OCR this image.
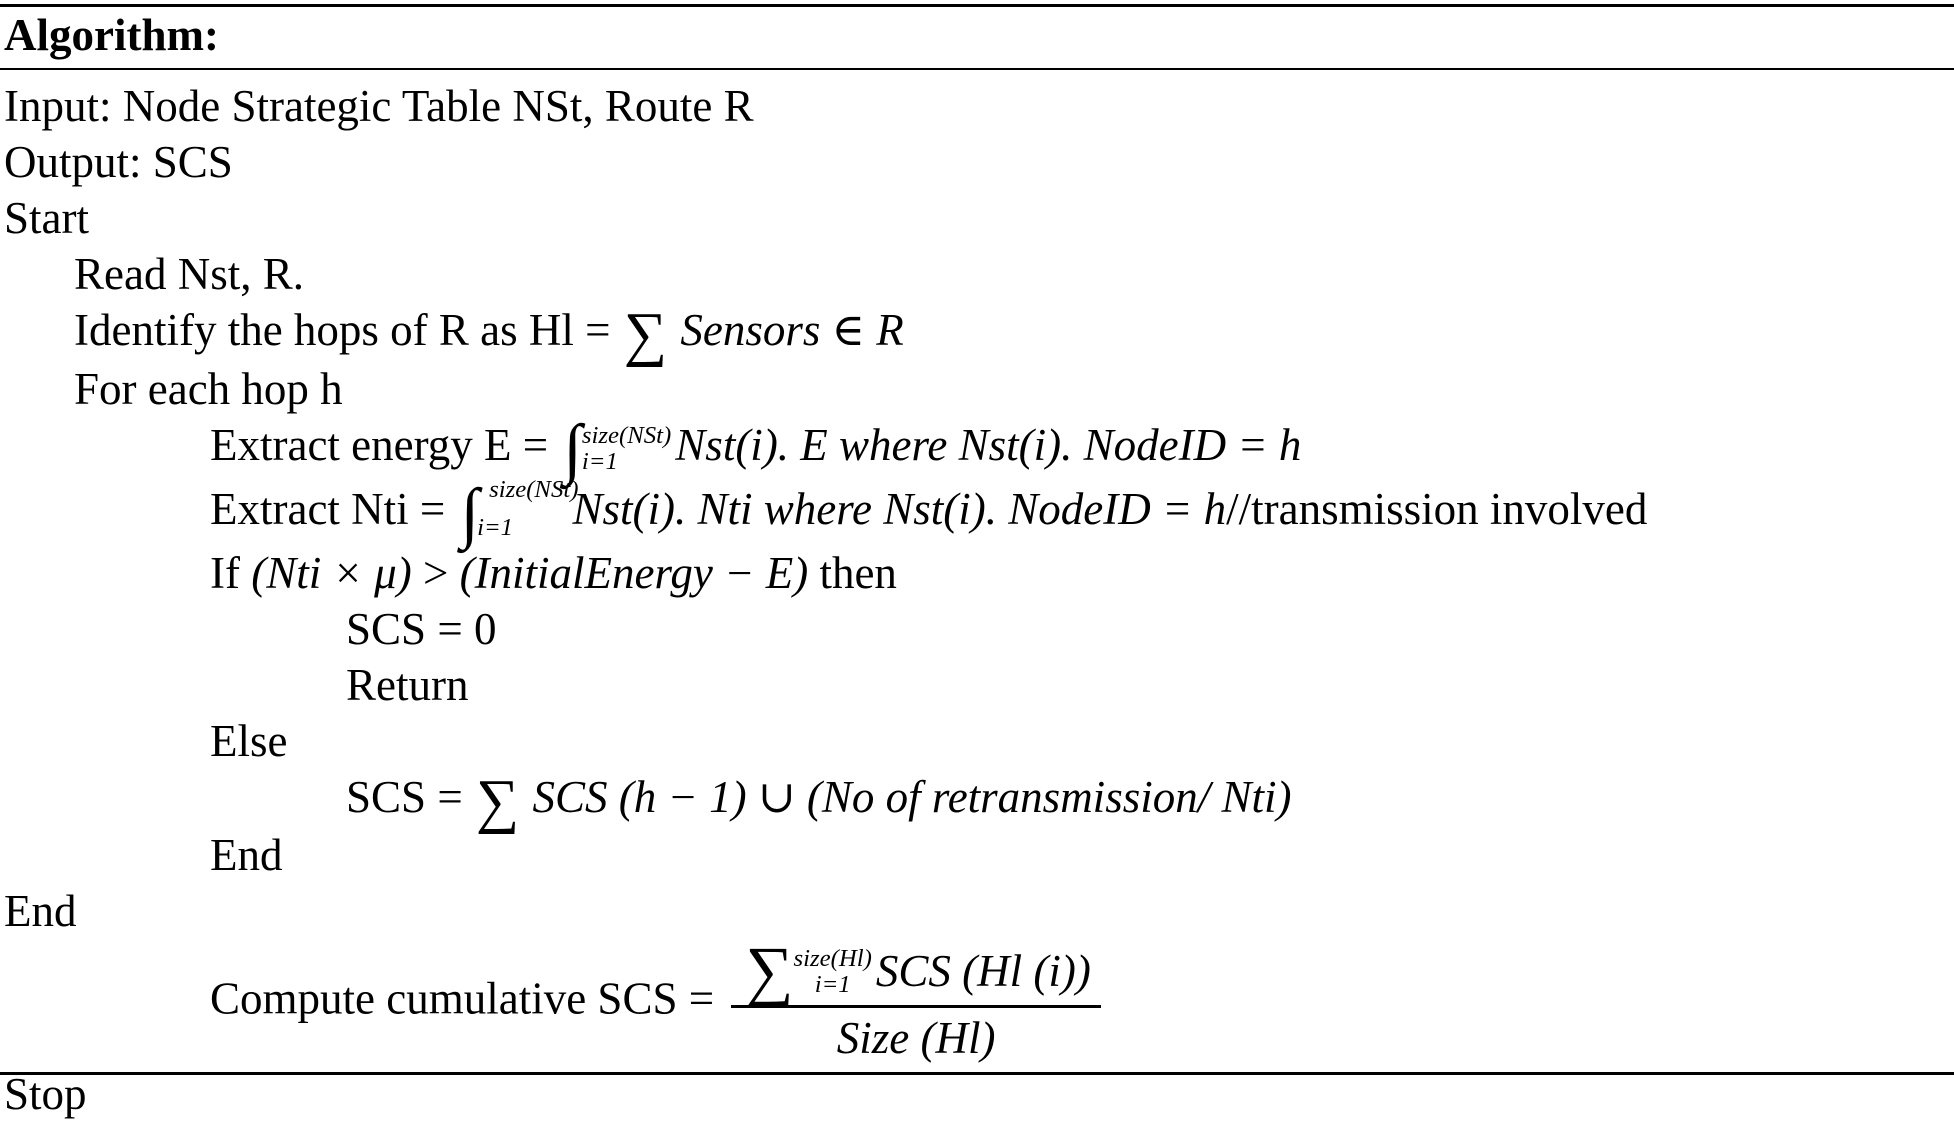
Algorithm:
Input: Node Strategic Table NSt, Route R
Output: SCS
Start
Read Nst, R.
Identify the hops of R as Hl = ∑ Sensors ∈ R
For each hop h
Extract energy E = ∫ size(NSt)
i=1	Nst(i). E where Nst(i). NodeID = h
Extract Nti = ∫ size(NSt)
i=1	Nst(i). Nti where Nst(i). NodeID = h//transmission involved
If (Nti × μ) > (InitialEnergy − E) then
SCS = 0
Return
Else
SCS = ∑ SCS (h − 1) ∪ (No of retransmission/ Nti)
End
End
Compute cumulative SCS = ∑ size(Hl)
i=1 SCS (Hl (i))
Size (Hl)
Stop
